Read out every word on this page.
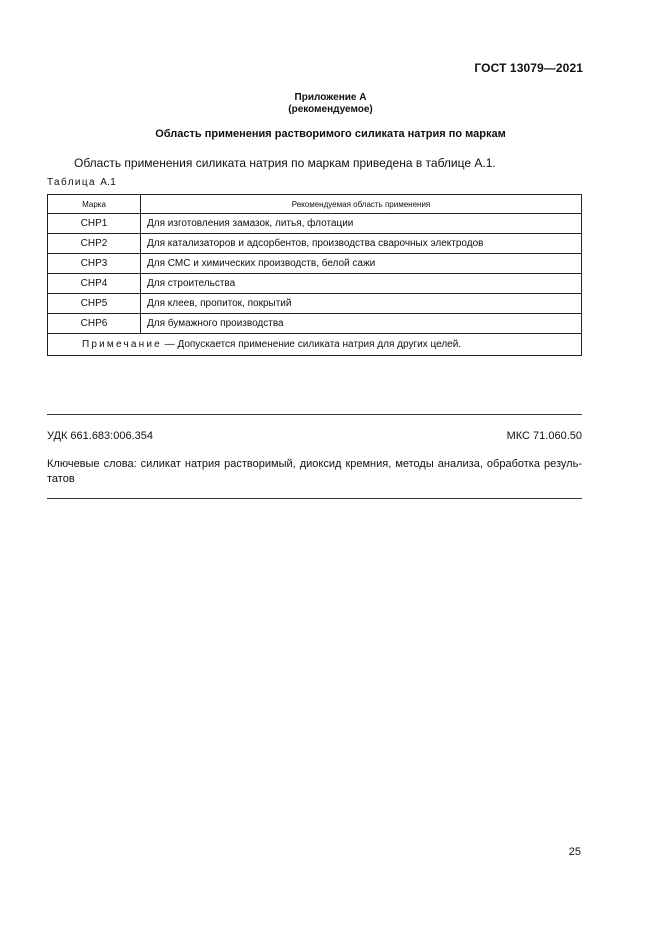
ГОСТ 13079—2021
Приложение А
(рекомендуемое)
Область применения растворимого силиката натрия по маркам
Область применения силиката натрия по маркам приведена в таблице А.1.
Таблица А.1
Марка	Рекомендуемая область применения
СНР1	Для изготовления замазок, литья, флотации
СНР2	Для катализаторов и адсорбентов, производства сварочных электродов
СНР3	Для СМС и химических производств, белой сажи
СНР4	Для строительства
СНР5	Для клеев, пропиток, покрытий
СНР6	Для бумажного производства
Примечание — Допускается применение силиката натрия для других целей.	
УДК 661.683:006.354	МКС 71.060.50
Ключевые слова: силикат натрия растворимый, диоксид кремния, методы анализа, обработка резуль-татов
25
